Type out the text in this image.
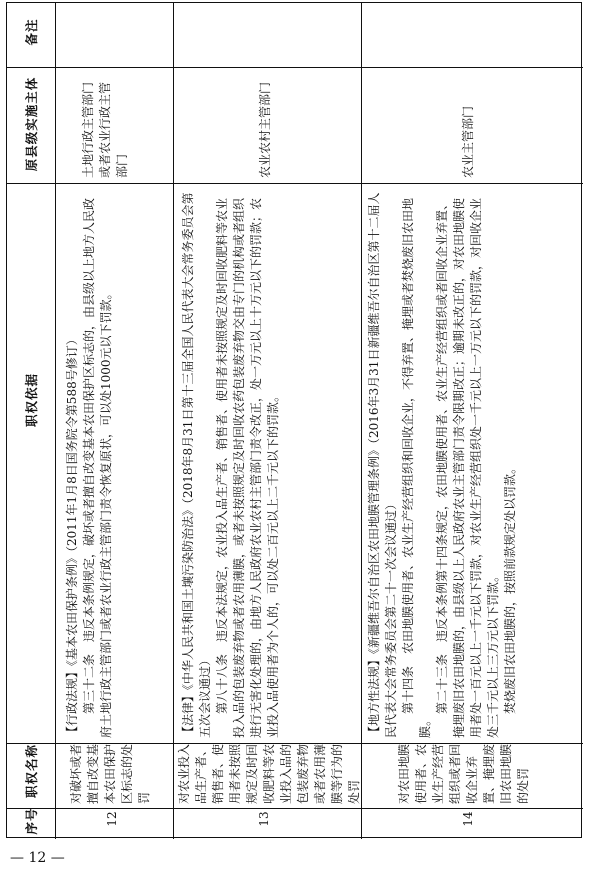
备注
原县级实施主体
职权依据
职权名称
序号	12
对破坏或者擅自改变基本农田保护区标志的处罚

【行政法规】《基本农田保护条例》（2011年1月8日国务院令第588号修订） 第三十二条　违反本条例规定，破坏或者擅自改变基本农田保护区标志的，由县级以上地方人民政府土地行政主管部门或者农业行政主管部门责令恢复原状，可以处1000元以下罚款。

土地行政主管部门或者农业行政主管部门
13
对农业投入品生产者、销售者、使用者未按照规定及时回收肥料等农业投入品的包装废弃物或者农用薄膜等行为的处罚

【法律】《中华人民共和国土壤污染防治法》（2018年8月31日第十三届全国人民代表大会常务委员会第五次会议通过） 第八十八条　违反本法规定，农业投入品生产者、销售者、使用者未按照规定及时回收肥料等农业投入品的包装废弃物或者农用薄膜，或者未按照规定及时回收农药包装废弃物交由专门的机构或者组织进行无害化处理的，由地方人民政府农业农村主管部门责令改正，处一万元以上十万元以下的罚款；农业投入品使用者为个人的，可以处二百元以上二千元以下的罚款。

农业农村主管部门
14
对农田地膜使用者、农业生产经营组织或者回收企业弃置、掩埋废旧农田地膜的处罚

【地方性法规】《新疆维吾尔自治区农田地膜管理条例》（2016年3月31日新疆维吾尔自治区第十二届人民代表大会常务委员会第二十一次会议通过） 第十四条　农田地膜使用者、农业生产经营组织和回收企业，不得弃置、掩埋或者焚烧废旧农田地膜。

第二十三条　违反本条例第十四条规定，农田地膜使用者、农业生产经营组织或者回收企业弃置、掩埋废旧农田地膜的，由县级以上人民政府农业主管部门责令限期改正；逾期未改正的，对农田地膜使用者处一百元以上一千元以下罚款，对农业生产经营组织处一千元以上一万元以下的罚款，对回收企业处三千元以上三万元以下罚款。 焚烧废旧农田地膜的，按照前款规定处以罚款。

农业主管部门
— 12 —
